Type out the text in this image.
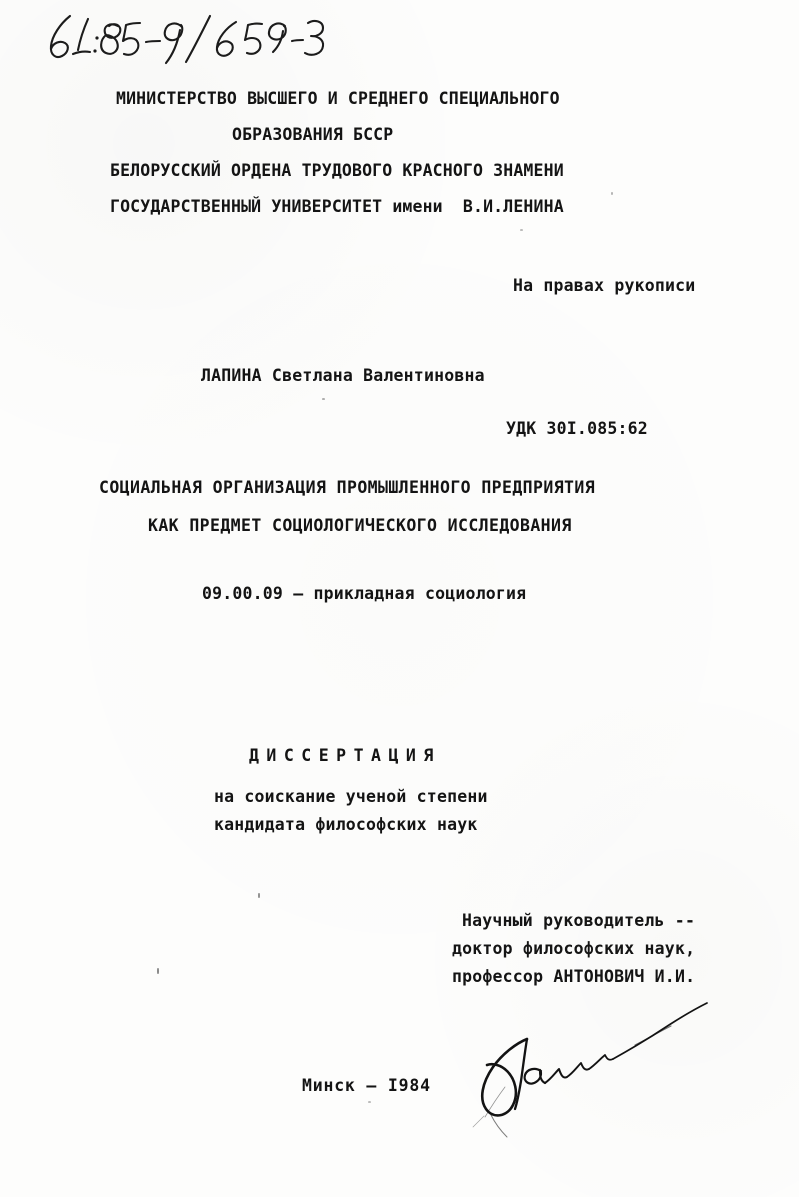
МИНИСТЕРСТВО ВЫСШЕГО И СРЕДНЕГО СПЕЦИАЛЬНОГО
ОБРАЗОВАНИЯ БССР
БЕЛОРУССКИЙ ОРДЕНА ТРУДОВОГО КРАСНОГО ЗНАМЕНИ
ГОСУДАРСТВЕННЫЙ УНИВЕРСИТЕТ имени  В.И.ЛЕНИНА
На правах рукописи
ЛАПИНА Светлана Валентиновна
УДК 30I.085:62
СОЦИАЛЬНАЯ ОРГАНИЗАЦИЯ ПРОМЫШЛЕННОГО ПРЕДПРИЯТИЯ
КАК ПРЕДМЕТ СОЦИОЛОГИЧЕСКОГО ИССЛЕДОВАНИЯ
09.00.09 – прикладная социология
ДИССЕРТАЦИЯ
на соискание ученой степени
кандидата философских наук
Научный руководитель --
доктор философских наук,
профессор АНТОНОВИЧ И.И.
Минск – I984
